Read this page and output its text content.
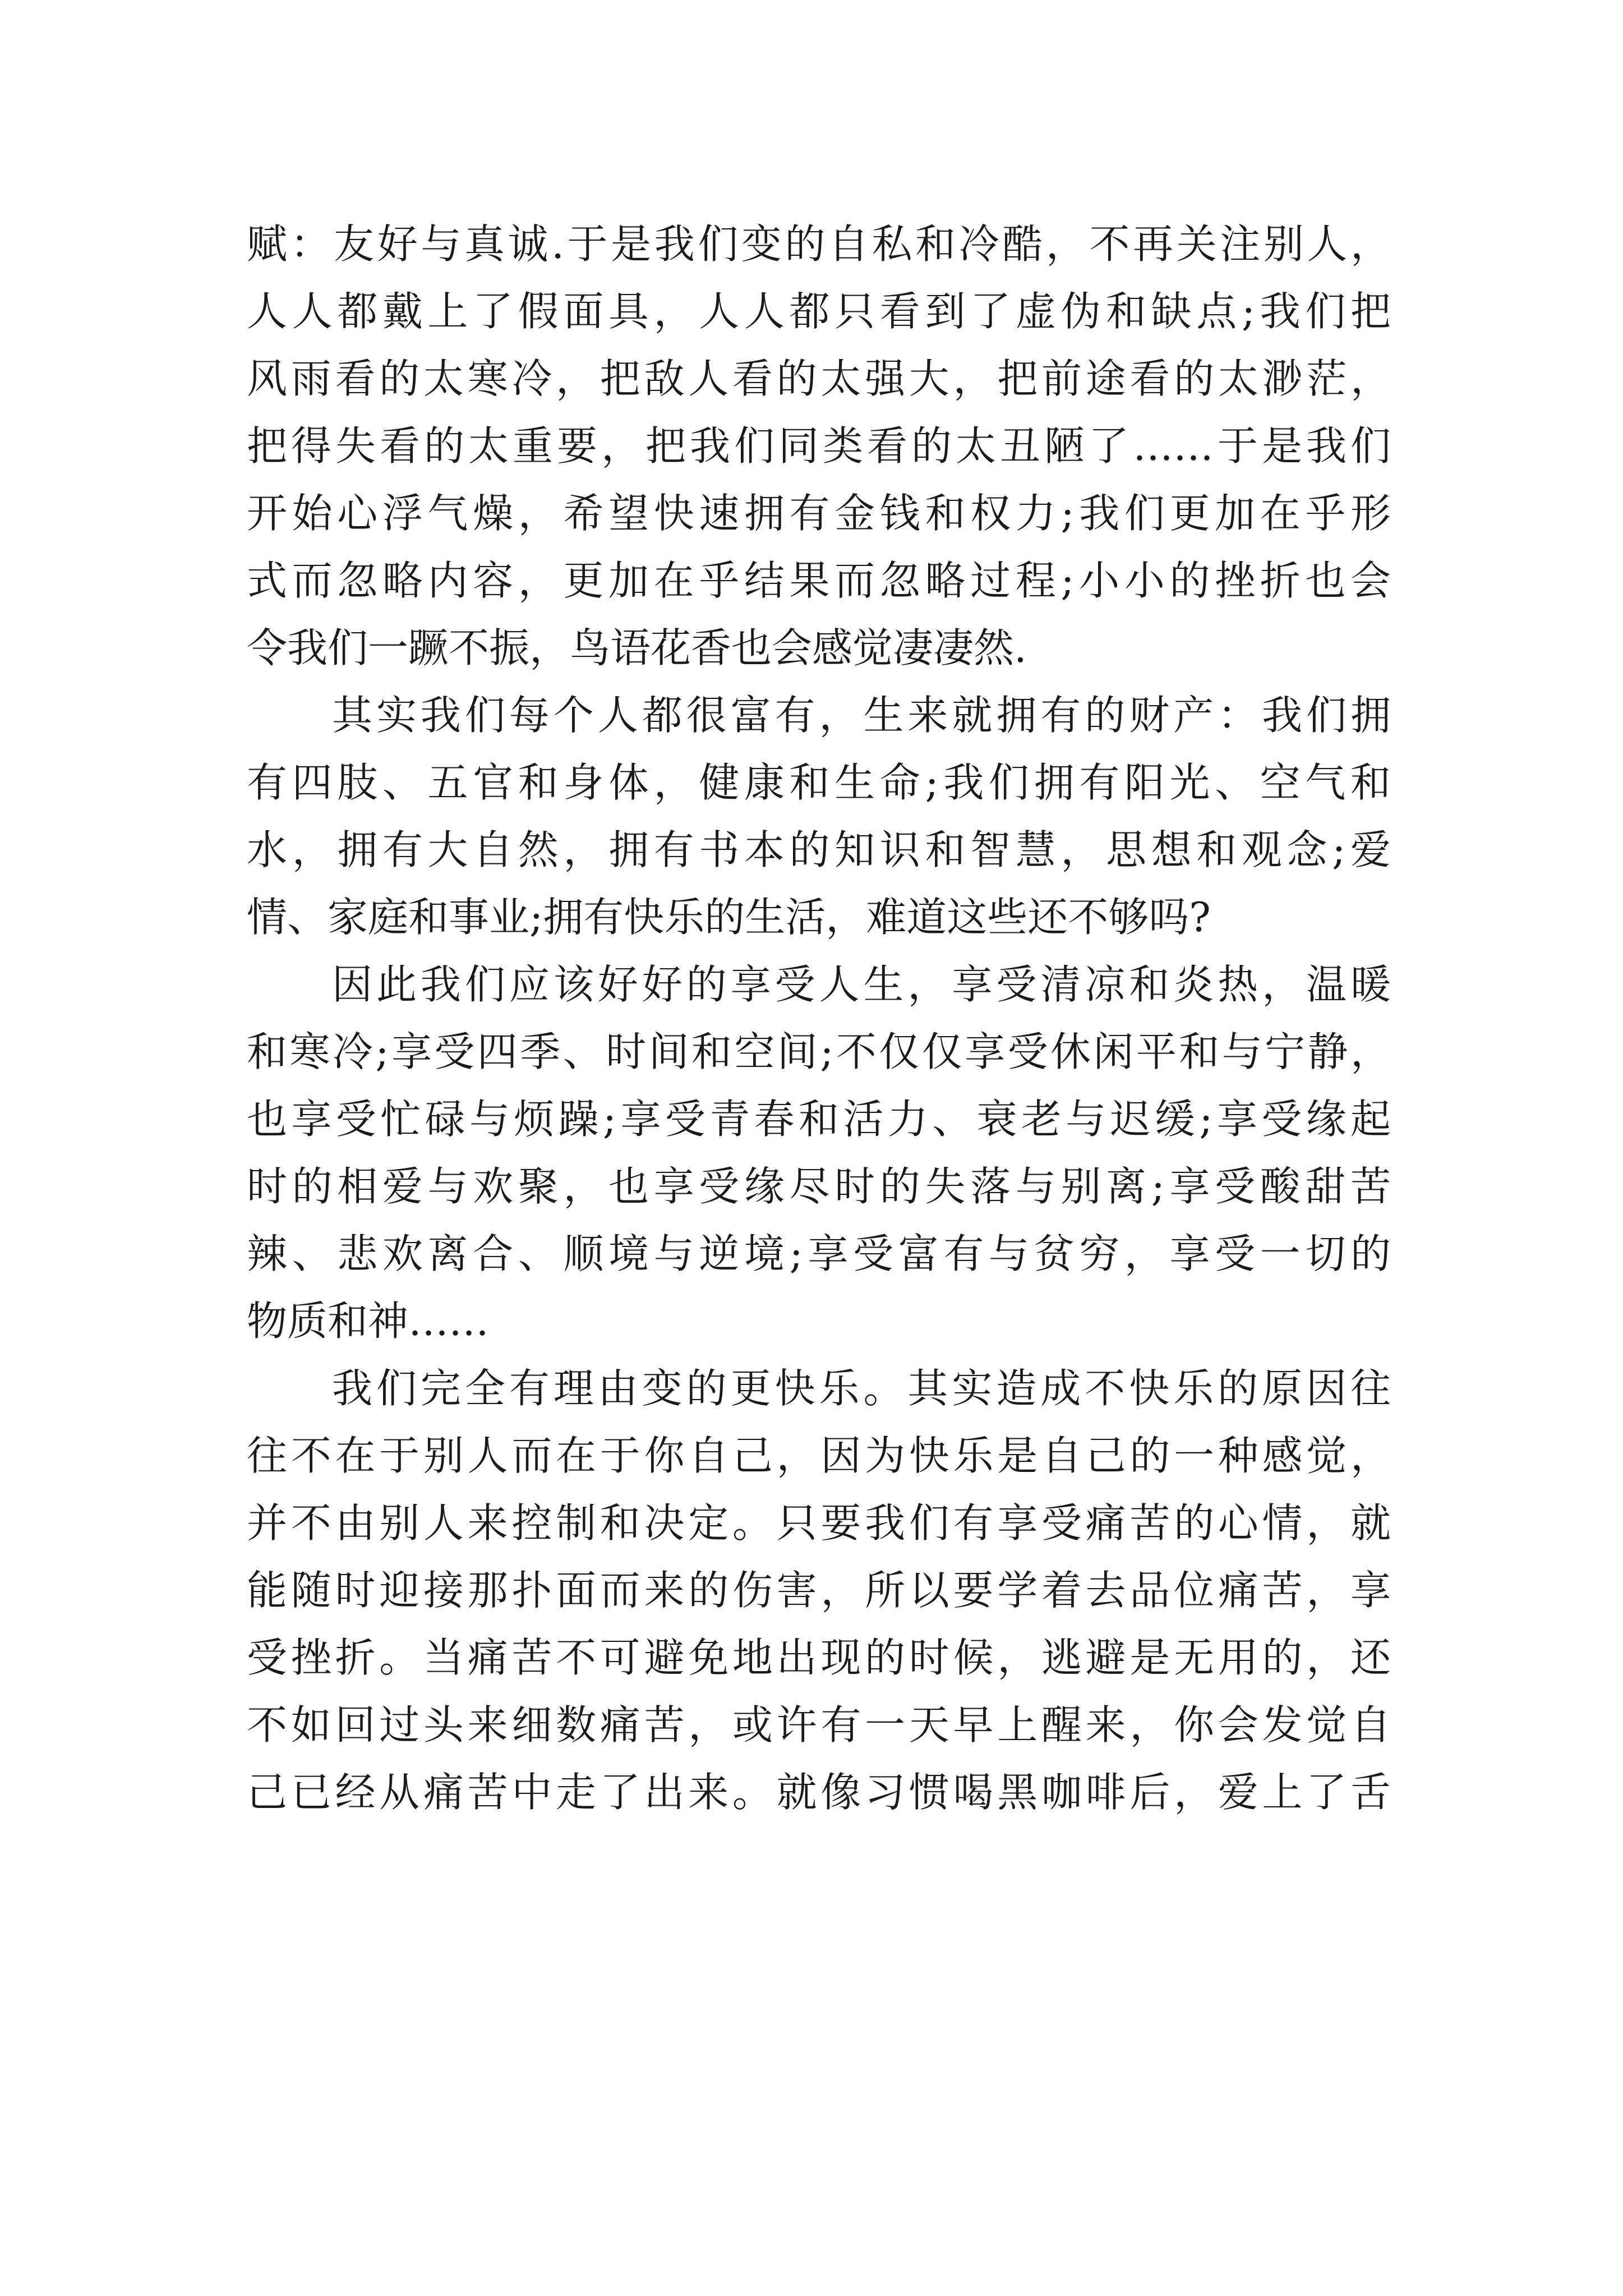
赋：友好与真诚.于是我们变的自私和冷酷，不再关注别人，
人人都戴上了假面具，人人都只看到了虚伪和缺点;我们把
风雨看的太寒冷，把敌人看的太强大，把前途看的太渺茫，
把得失看的太重要，把我们同类看的太丑陋了……于是我们
开始心浮气燥，希望快速拥有金钱和权力;我们更加在乎形
式而忽略内容，更加在乎结果而忽略过程;小小的挫折也会
令我们一蹶不振，鸟语花香也会感觉凄凄然.
其实我们每个人都很富有，生来就拥有的财产：我们拥
有四肢、五官和身体，健康和生命;我们拥有阳光、空气和
水，拥有大自然，拥有书本的知识和智慧，思想和观念;爱
情、家庭和事业;拥有快乐的生活，难道这些还不够吗?
因此我们应该好好的享受人生，享受清凉和炎热，温暖
和寒冷;享受四季、时间和空间;不仅仅享受休闲平和与宁静，
也享受忙碌与烦躁;享受青春和活力、衰老与迟缓;享受缘起
时的相爱与欢聚，也享受缘尽时的失落与别离;享受酸甜苦
辣、悲欢离合、顺境与逆境;享受富有与贫穷，享受一切的
物质和神……
我们完全有理由变的更快乐。其实造成不快乐的原因往
往不在于别人而在于你自己，因为快乐是自己的一种感觉，
并不由别人来控制和决定。只要我们有享受痛苦的心情，就
能随时迎接那扑面而来的伤害，所以要学着去品位痛苦，享
受挫折。当痛苦不可避免地出现的时候，逃避是无用的，还
不如回过头来细数痛苦，或许有一天早上醒来，你会发觉自
己已经从痛苦中走了出来。就像习惯喝黑咖啡后，爱上了舌
